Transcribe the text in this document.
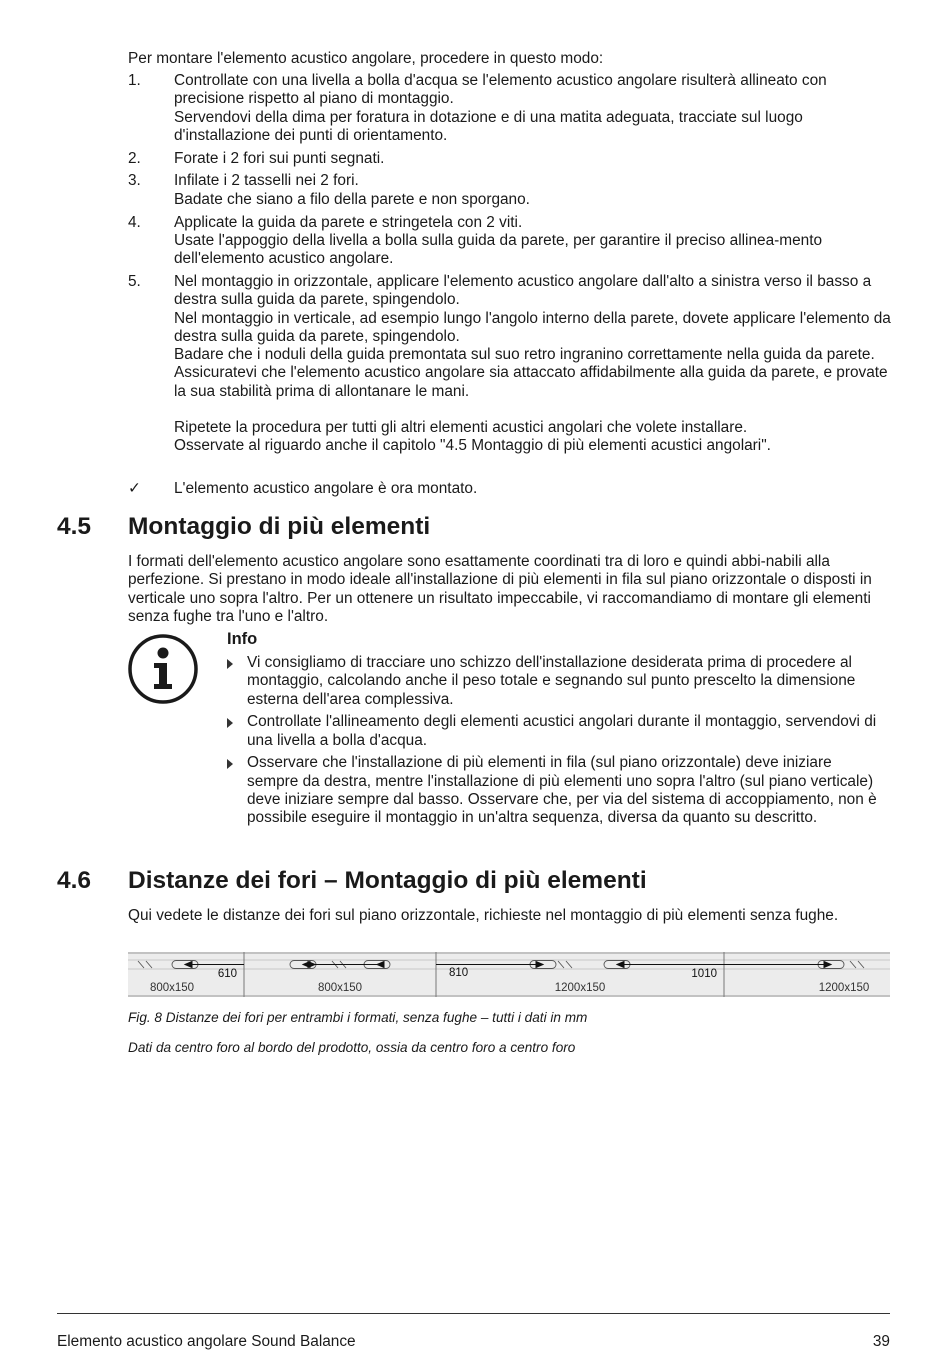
Per montare l'elemento acustico angolare, procedere in questo modo:
1. Controllate con una livella a bolla d'acqua se l'elemento acustico angolare risulterà allineato con precisione rispetto al piano di montaggio.
Servendovi della dima per foratura in dotazione e di una matita adeguata, tracciate sul luogo d'installazione dei punti di orientamento.
2. Forate i 2 fori sui punti segnati.
3. Infilate i 2 tasselli nei 2 fori.
Badate che siano a filo della parete e non sporgano.
4. Applicate la guida da parete e stringetela con 2 viti.
Usate l'appoggio della livella a bolla sulla guida da parete, per garantire il preciso allinea-mento dell'elemento acustico angolare.
5. Nel montaggio in orizzontale, applicare l'elemento acustico angolare dall'alto a sinistra verso il basso a destra sulla guida da parete, spingendolo.
Nel montaggio in verticale, ad esempio lungo l'angolo interno della parete, dovete applicare l'elemento da destra sulla guida da parete, spingendolo.
Badare che i noduli della guida premontata sul suo retro ingranino correttamente nella guida da parete.
Assicuratevi che l'elemento acustico angolare sia attaccato affidabilmente alla guida da parete, e provate la sua stabilità prima di allontanare le mani.
Ripetete la procedura per tutti gli altri elementi acustici angolari che volete installare.
Osservate al riguardo anche il capitolo "4.5 Montaggio di più elementi acustici angolari".
✓ L'elemento acustico angolare è ora montato.
4.5 Montaggio di più elementi
I formati dell'elemento acustico angolare sono esattamente coordinati tra di loro e quindi abbi-nabili alla perfezione. Si prestano in modo ideale all'installazione di più elementi in fila sul piano orizzontale o disposti in verticale uno sopra l'altro. Per un ottenere un risultato impeccabile, vi raccomandiamo di montare gli elementi senza fughe tra l'uno e l'altro.
Info
Vi consigliamo di tracciare uno schizzo dell'installazione desiderata prima di procedere al montaggio, calcolando anche il peso totale e segnando sul punto prescelto la dimensione esterna dell'area complessiva.
Controllate l'allineamento degli elementi acustici angolari durante il montaggio, servendovi di una livella a bolla d'acqua.
Osservare che l'installazione di più elementi in fila (sul piano orizzontale) deve iniziare sempre da destra, mentre l'installazione di più elementi uno sopra l'altro (sul piano verticale) deve iniziare sempre dal basso. Osservare che, per via del sistema di accoppiamento, non è possibile eseguire il montaggio in un'altra sequenza, diversa da quanto su descritto.
4.6 Distanze dei fori – Montaggio di più elementi
Qui vedete le distanze dei fori sul piano orizzontale, richieste nel montaggio di più elementi senza fughe.
610	810	1010
800x150	800x150	1200x150	1200x150
Fig. 8 Distanze dei fori per entrambi i formati, senza fughe – tutti i dati in mm
Dati da centro foro al bordo del prodotto, ossia da centro foro a centro foro
Elemento acustico angolare Sound Balance	39
